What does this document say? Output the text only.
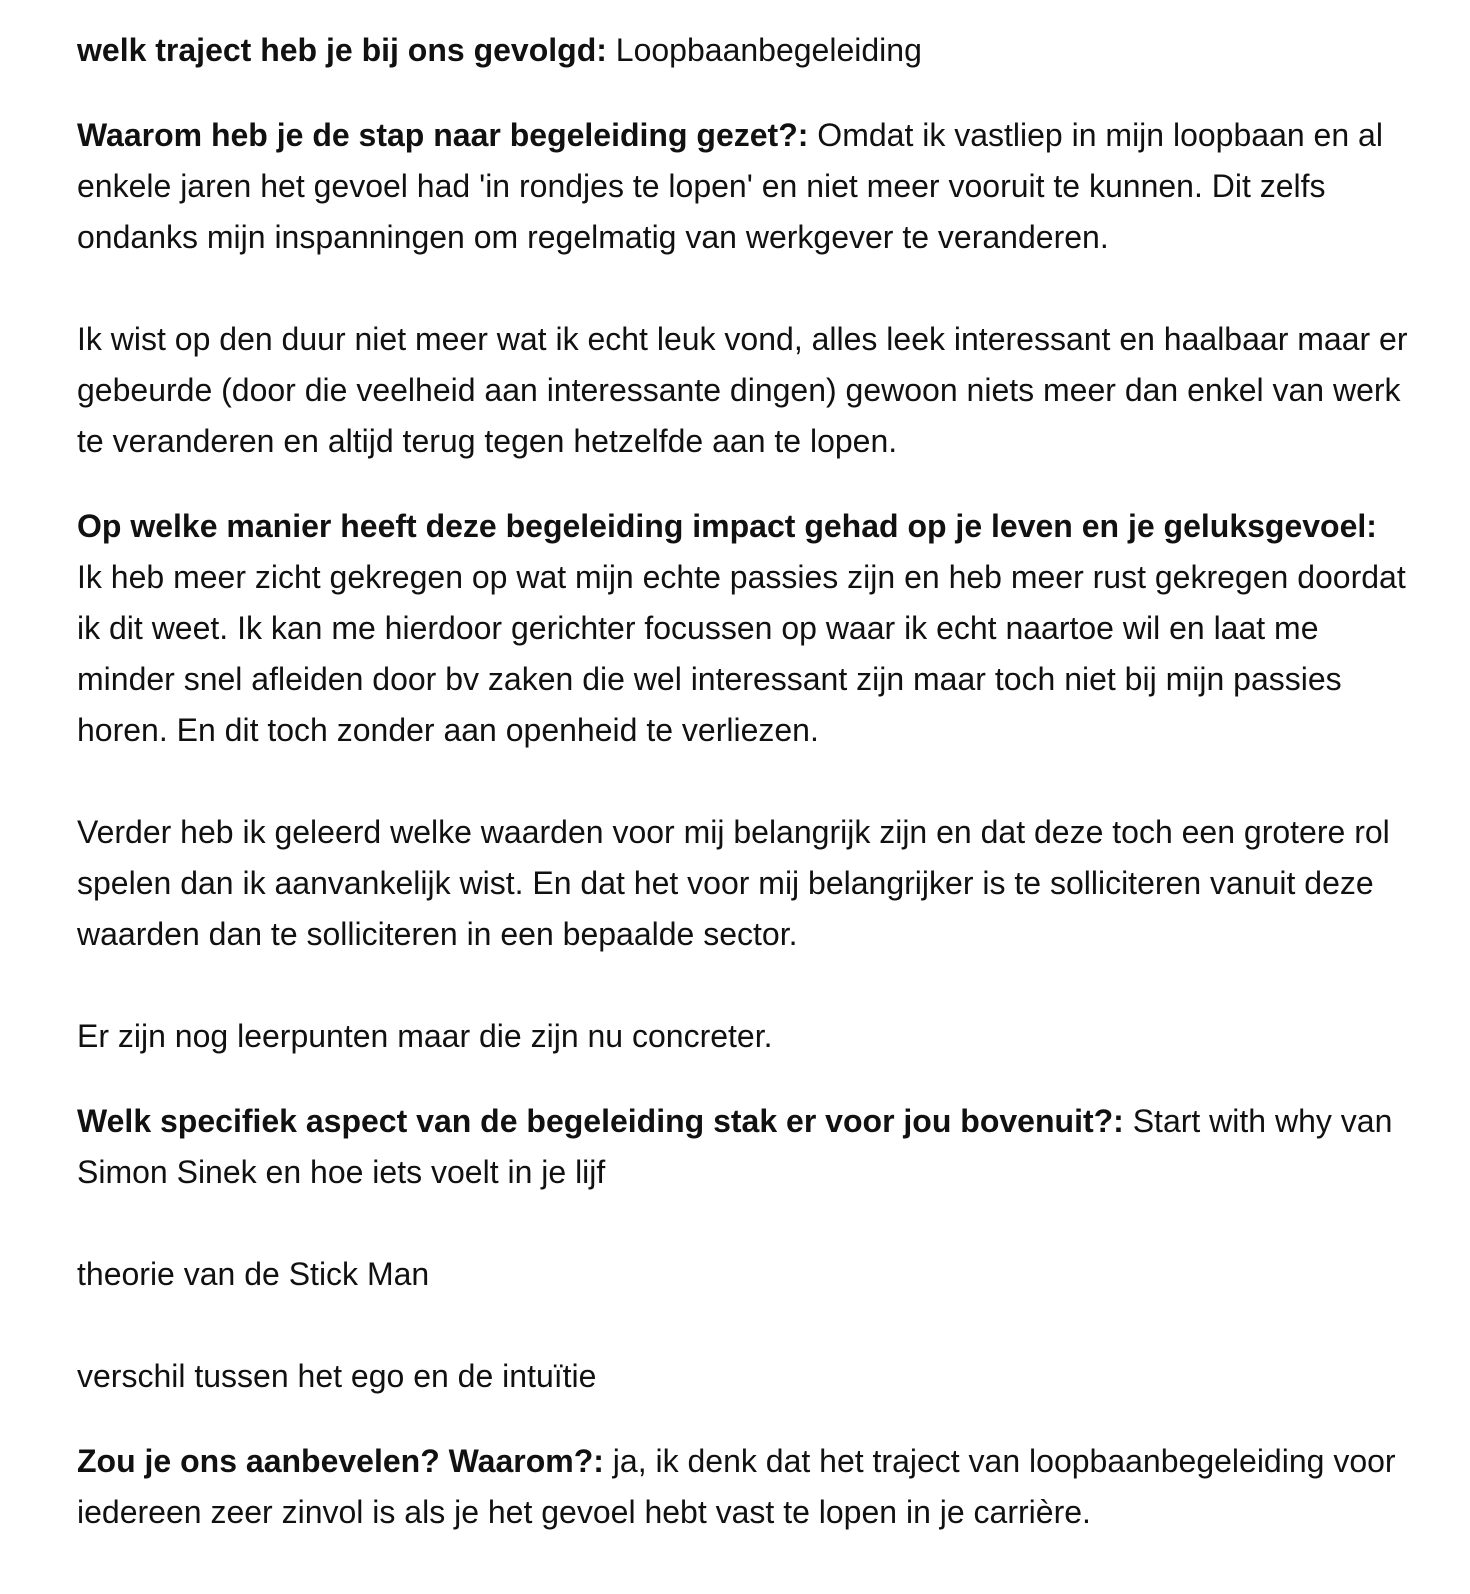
welk traject heb je bij ons gevolgd: Loopbaanbegeleiding

Waarom heb je de stap naar begeleiding gezet?: Omdat ik vastliep in mijn loopbaan en al enkele jaren het gevoel had 'in rondjes te lopen' en niet meer vooruit te kunnen. Dit zelfs ondanks mijn inspanningen om regelmatig van werkgever te veranderen.

Ik wist op den duur niet meer wat ik echt leuk vond, alles leek interessant en haalbaar maar er gebeurde (door die veelheid aan interessante dingen) gewoon niets meer dan enkel van werk te veranderen en altijd terug tegen hetzelfde aan te lopen.

Op welke manier heeft deze begeleiding impact gehad op je leven en je geluksgevoel: Ik heb meer zicht gekregen op wat mijn echte passies zijn en heb meer rust gekregen doordat ik dit weet. Ik kan me hierdoor gerichter focussen op waar ik echt naartoe wil en laat me minder snel afleiden door bv zaken die wel interessant zijn maar toch niet bij mijn passies horen. En dit toch zonder aan openheid te verliezen.

Verder heb ik geleerd welke waarden voor mij belangrijk zijn en dat deze toch een grotere rol spelen dan ik aanvankelijk wist. En dat het voor mij belangrijker is te solliciteren vanuit deze waarden dan te solliciteren in een bepaalde sector.

Er zijn nog leerpunten maar die zijn nu concreter.

Welk specifiek aspect van de begeleiding stak er voor jou bovenuit?: Start with why van Simon Sinek en hoe iets voelt in je lijf

theorie van de Stick Man

verschil tussen het ego en de intuïtie

Zou je ons aanbevelen? Waarom?: ja, ik denk dat het traject van loopbaanbegeleiding voor iedereen zeer zinvol is als je het gevoel hebt vast te lopen in je carrière.
